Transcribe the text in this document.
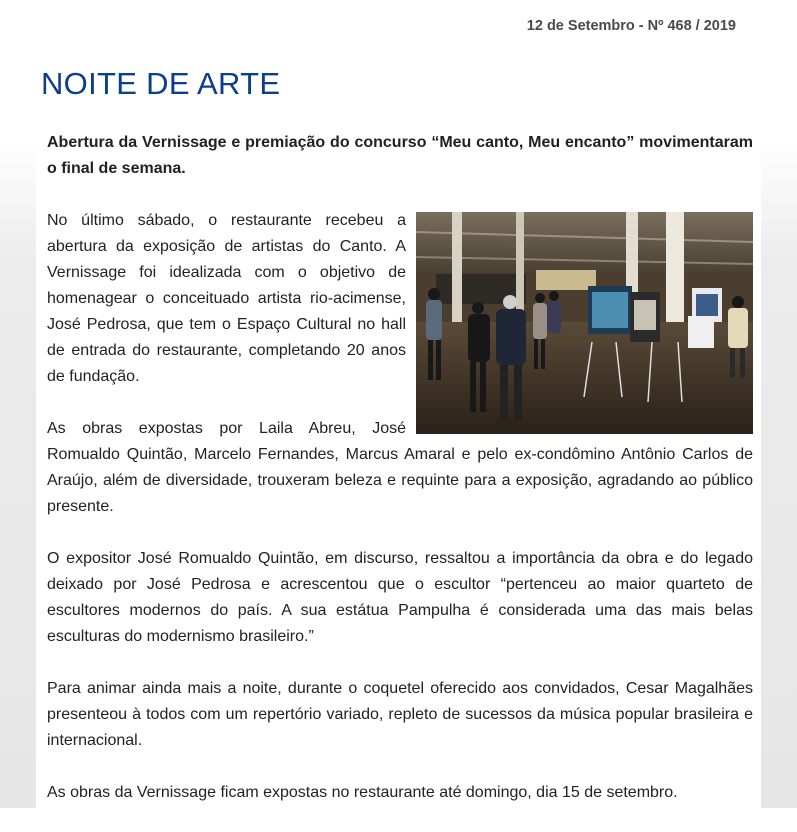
12 de Setembro - Nº 468 / 2019
NOITE DE ARTE

Abertura da Vernissage e premiação do concurso “Meu canto, Meu encanto” movimentaram o final de semana.

No último sábado, o restaurante recebeu a abertura da exposição de artistas do Canto. A Vernissage foi idealizada com o objetivo de homenagear o conceituado artista rio-acimense, José Pedrosa, que tem o Espaço Cultural no hall de entrada do restaurante, completando 20 anos de fundação.

As obras expostas por Laila Abreu, José Romualdo Quintão, Marcelo Fernandes, Marcus Amaral e pelo ex-condômino Antônio Carlos de Araújo, além de diversidade, trouxeram beleza e requinte para a exposição, agradando ao público presente.

O expositor José Romualdo Quintão, em discurso, ressaltou a importância da obra e do legado deixado por José Pedrosa e acrescentou que o escultor “pertenceu ao maior quarteto de escultores modernos do país. A sua estátua Pampulha é considerada uma das mais belas esculturas do modernismo brasileiro.”

Para animar ainda mais a noite, durante o coquetel oferecido aos convidados, Cesar Magalhães presenteou à todos com um repertório variado, repleto de sucessos da música popular brasileira e internacional.

As obras da Vernissage ficam expostas no restaurante até domingo, dia 15 de setembro.
